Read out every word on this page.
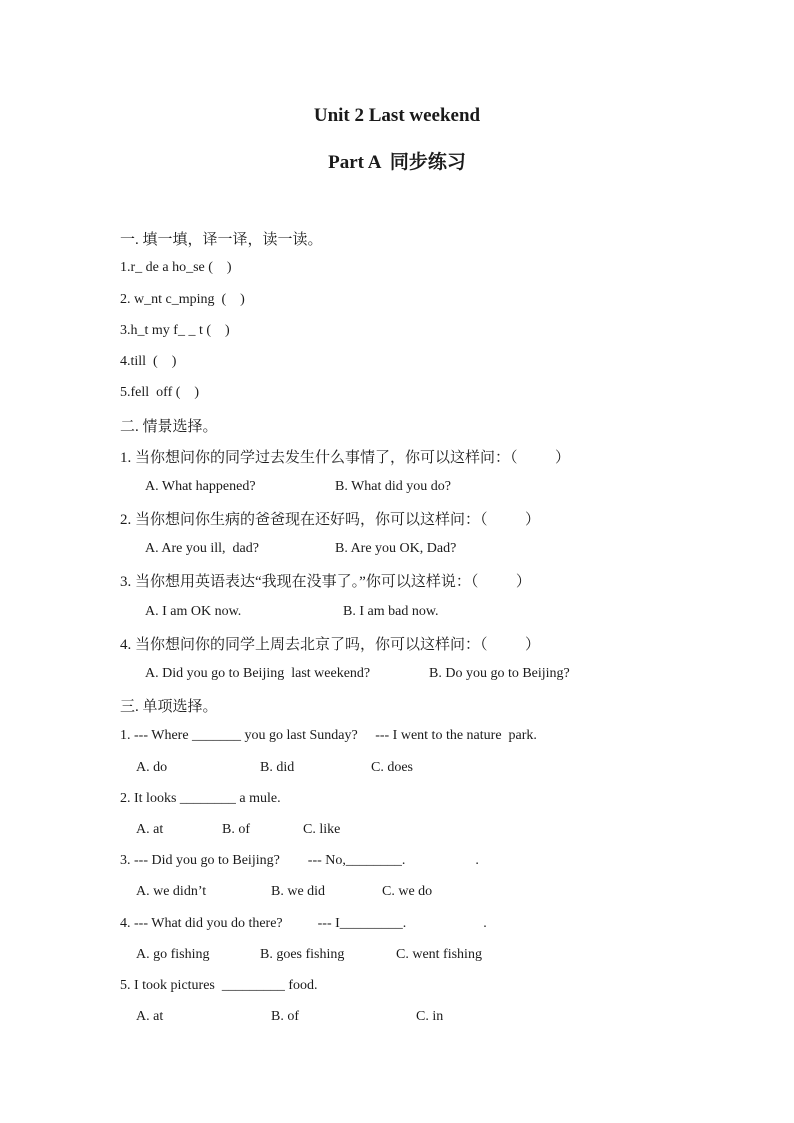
Unit 2 Last weekend
Part A  同步练习
一. 填一填，译一译，读一读。
1.r_ de a ho_se (    )
2. w_nt c_mping  (    )
3.h_t my f_ _ t (    )
4.till  (    )
5.fell  off (    )
二. 情景选择。
1. 当你想问你的同学过去发生什么事情了，你可以这样问：（          ）
A. What happened?	B. What did you do?
2. 当你想问你生病的爸爸现在还好吗，你可以这样问：（          ）
A. Are you ill,  dad?	B. Are you OK, Dad?
3. 当你想用英语表达“我现在没事了。”你可以这样说：（          ）
A. I am OK now.	B. I am bad now.
4. 当你想问你的同学上周去北京了吗，你可以这样问：（          ）
A. Did you go to Beijing  last weekend?	B. Do you go to Beijing?
三. 单项选择。
1. --- Where _______ you go last Sunday?     --- I went to the nature  park.
A. do	B. did	C. does
2. It looks ________ a mule.
A. at	B. of	C. like
3. --- Did you go to Beijing?        --- No,________.                    .
A. we didn’t	B. we did	C. we do
4. --- What did you do there?          --- I_________.                      .
A. go fishing	B. goes fishing	C. went fishing
5. I took pictures  _________ food.
A. at	B. of	C. in
